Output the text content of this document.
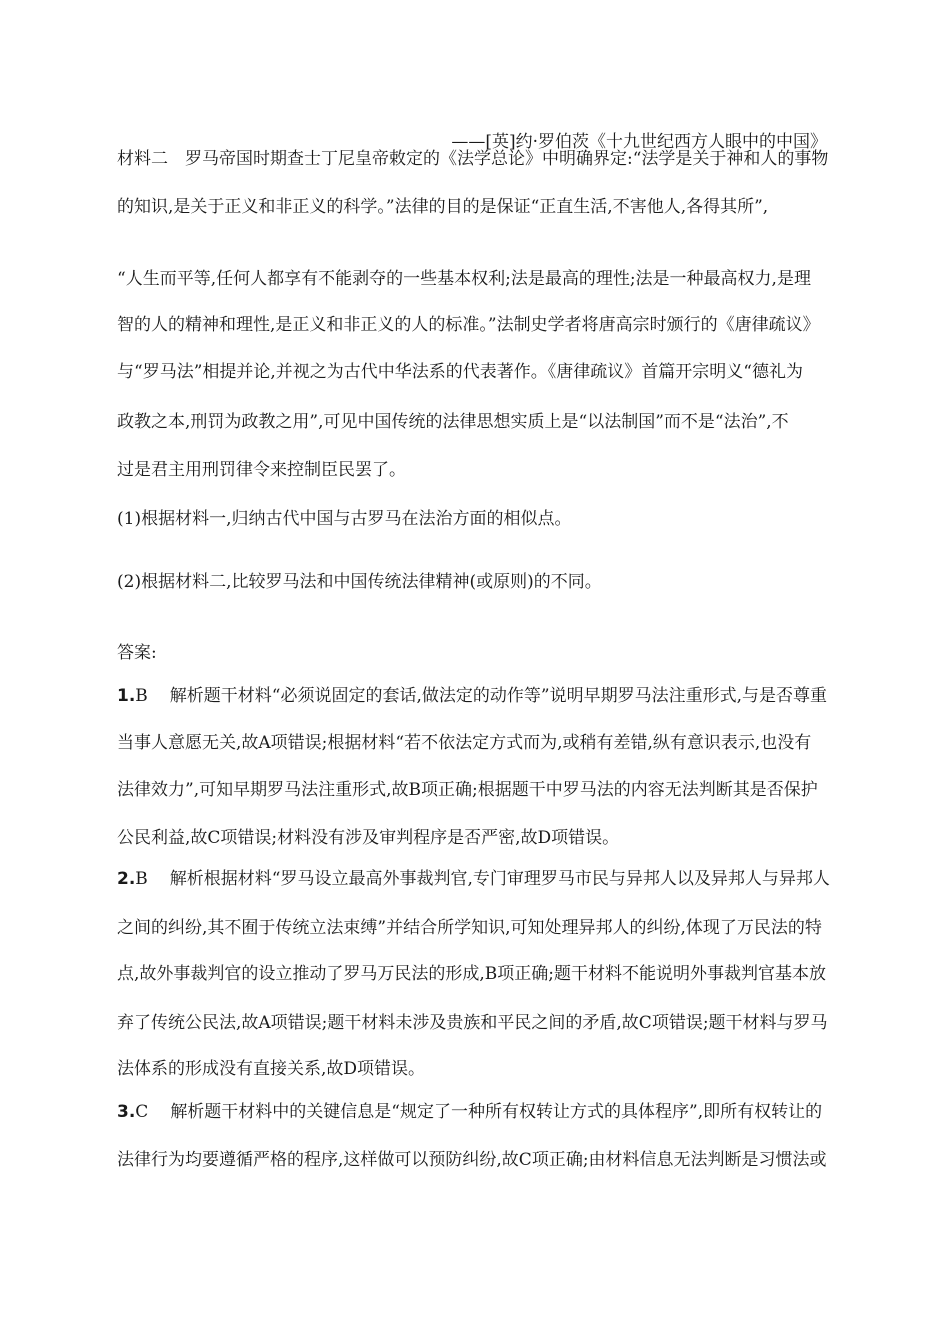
——[英]约·罗伯茨《十九世纪西方人眼中的中国》
材料二　罗马帝国时期查士丁尼皇帝敕定的《法学总论》中明确界定:“法学是关于神和人的事物
的知识,是关于正义和非正义的科学。”法律的目的是保证“正直生活,不害他人,各得其所”,
“人生而平等,任何人都享有不能剥夺的一些基本权利;法是最高的理性;法是一种最高权力,是理
智的人的精神和理性,是正义和非正义的人的标准。”法制史学者将唐高宗时颁行的《唐律疏议》
与“罗马法”相提并论,并视之为古代中华法系的代表著作。《唐律疏议》首篇开宗明义“德礼为
政教之本,刑罚为政教之用”,可见中国传统的法律思想实质上是“以法制国”而不是“法治”,不
过是君主用刑罚律令来控制臣民罢了。
(1)根据材料一,归纳古代中国与古罗马在法治方面的相似点。
(2)根据材料二,比较罗马法和中国传统法律精神(或原则)的不同。
答案:
1.B 解析题干材料“必须说固定的套话,做法定的动作等”说明早期罗马法注重形式,与是否尊重
当事人意愿无关,故A项错误;根据材料“若不依法定方式而为,或稍有差错,纵有意识表示,也没有
法律效力”,可知早期罗马法注重形式,故B项正确;根据题干中罗马法的内容无法判断其是否保护
公民利益,故C项错误;材料没有涉及审判程序是否严密,故D项错误。
2.B 解析根据材料“罗马设立最高外事裁判官,专门审理罗马市民与异邦人以及异邦人与异邦人
之间的纠纷,其不囿于传统立法束缚”并结合所学知识,可知处理异邦人的纠纷,体现了万民法的特
点,故外事裁判官的设立推动了罗马万民法的形成,B项正确;题干材料不能说明外事裁判官基本放
弃了传统公民法,故A项错误;题干材料未涉及贵族和平民之间的矛盾,故C项错误;题干材料与罗马
法体系的形成没有直接关系,故D项错误。
3.C 解析题干材料中的关键信息是“规定了一种所有权转让方式的具体程序”,即所有权转让的
法律行为均要遵循严格的程序,这样做可以预防纠纷,故C项正确;由材料信息无法判断是习惯法或
